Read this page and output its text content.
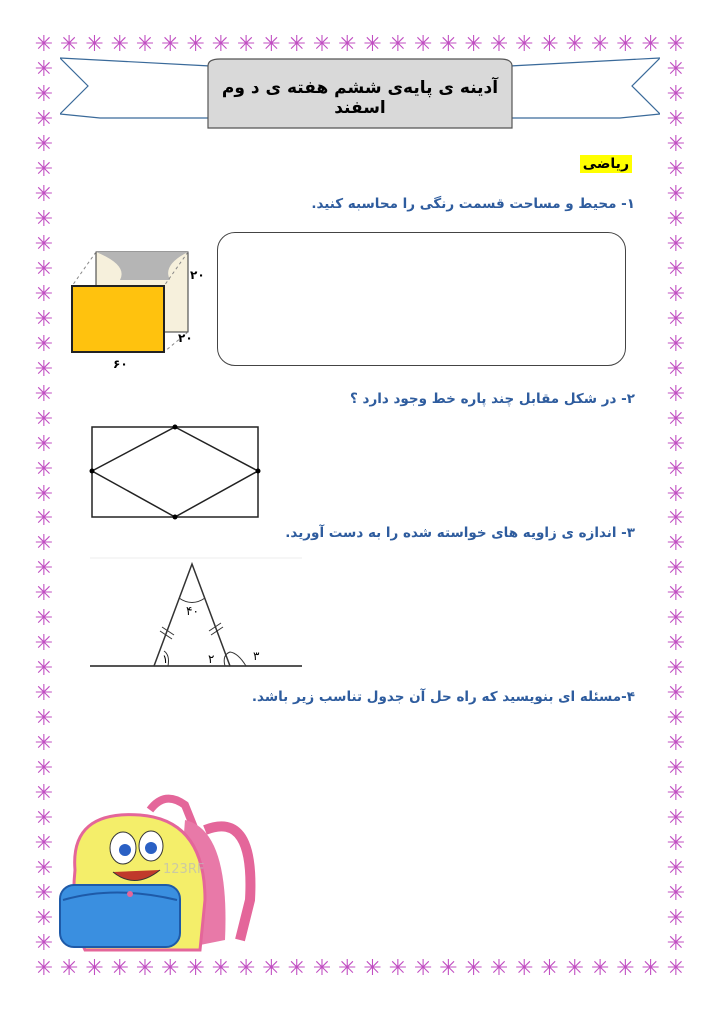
✳
✳
✳
✳
✳
✳
✳
✳
✳
✳
✳
✳
✳
✳
✳
✳
✳
✳
✳
✳
✳
✳
✳
✳
✳
✳
✳
✳
✳
✳
✳
✳
✳
✳
✳
✳
✳
✳
✳
✳
✳
✳
✳
✳
✳
✳
✳
✳
✳
✳
✳
✳
✳	✳
✳	✳
✳	✳
✳	✳
✳	✳
✳	✳
✳	✳
✳	✳
✳	✳
✳	✳
✳	✳
✳	✳
✳	✳
✳	✳
✳	✳
✳	✳
✳	✳
✳	✳
✳	✳
✳	✳
✳	✳
✳	✳
✳	✳
✳	✳
✳	✳
✳	✳
✳	✳
✳	✳
✳	✳
✳	✳
✳	✳
✳	✳
✳	✳
✳	✳
✳	✳
✳	✳
آدینه ی پایه‌ی ششم هفته ی د وم اسفند
ریاضی
۱- محیط و مساحت قسمت رنگی را محاسبه کنید.
۲۰
۲۰
۶۰
۲- در شکل مقابل چند پاره خط وجود دارد ؟
۳- اندازه ی زاویه های خواسته شده را به دست آورید.
۴۰
۱	۲	۳
۴-مسئله ای بنویسید که راه حل آن جدول تناسب زیر باشد.
123RF
